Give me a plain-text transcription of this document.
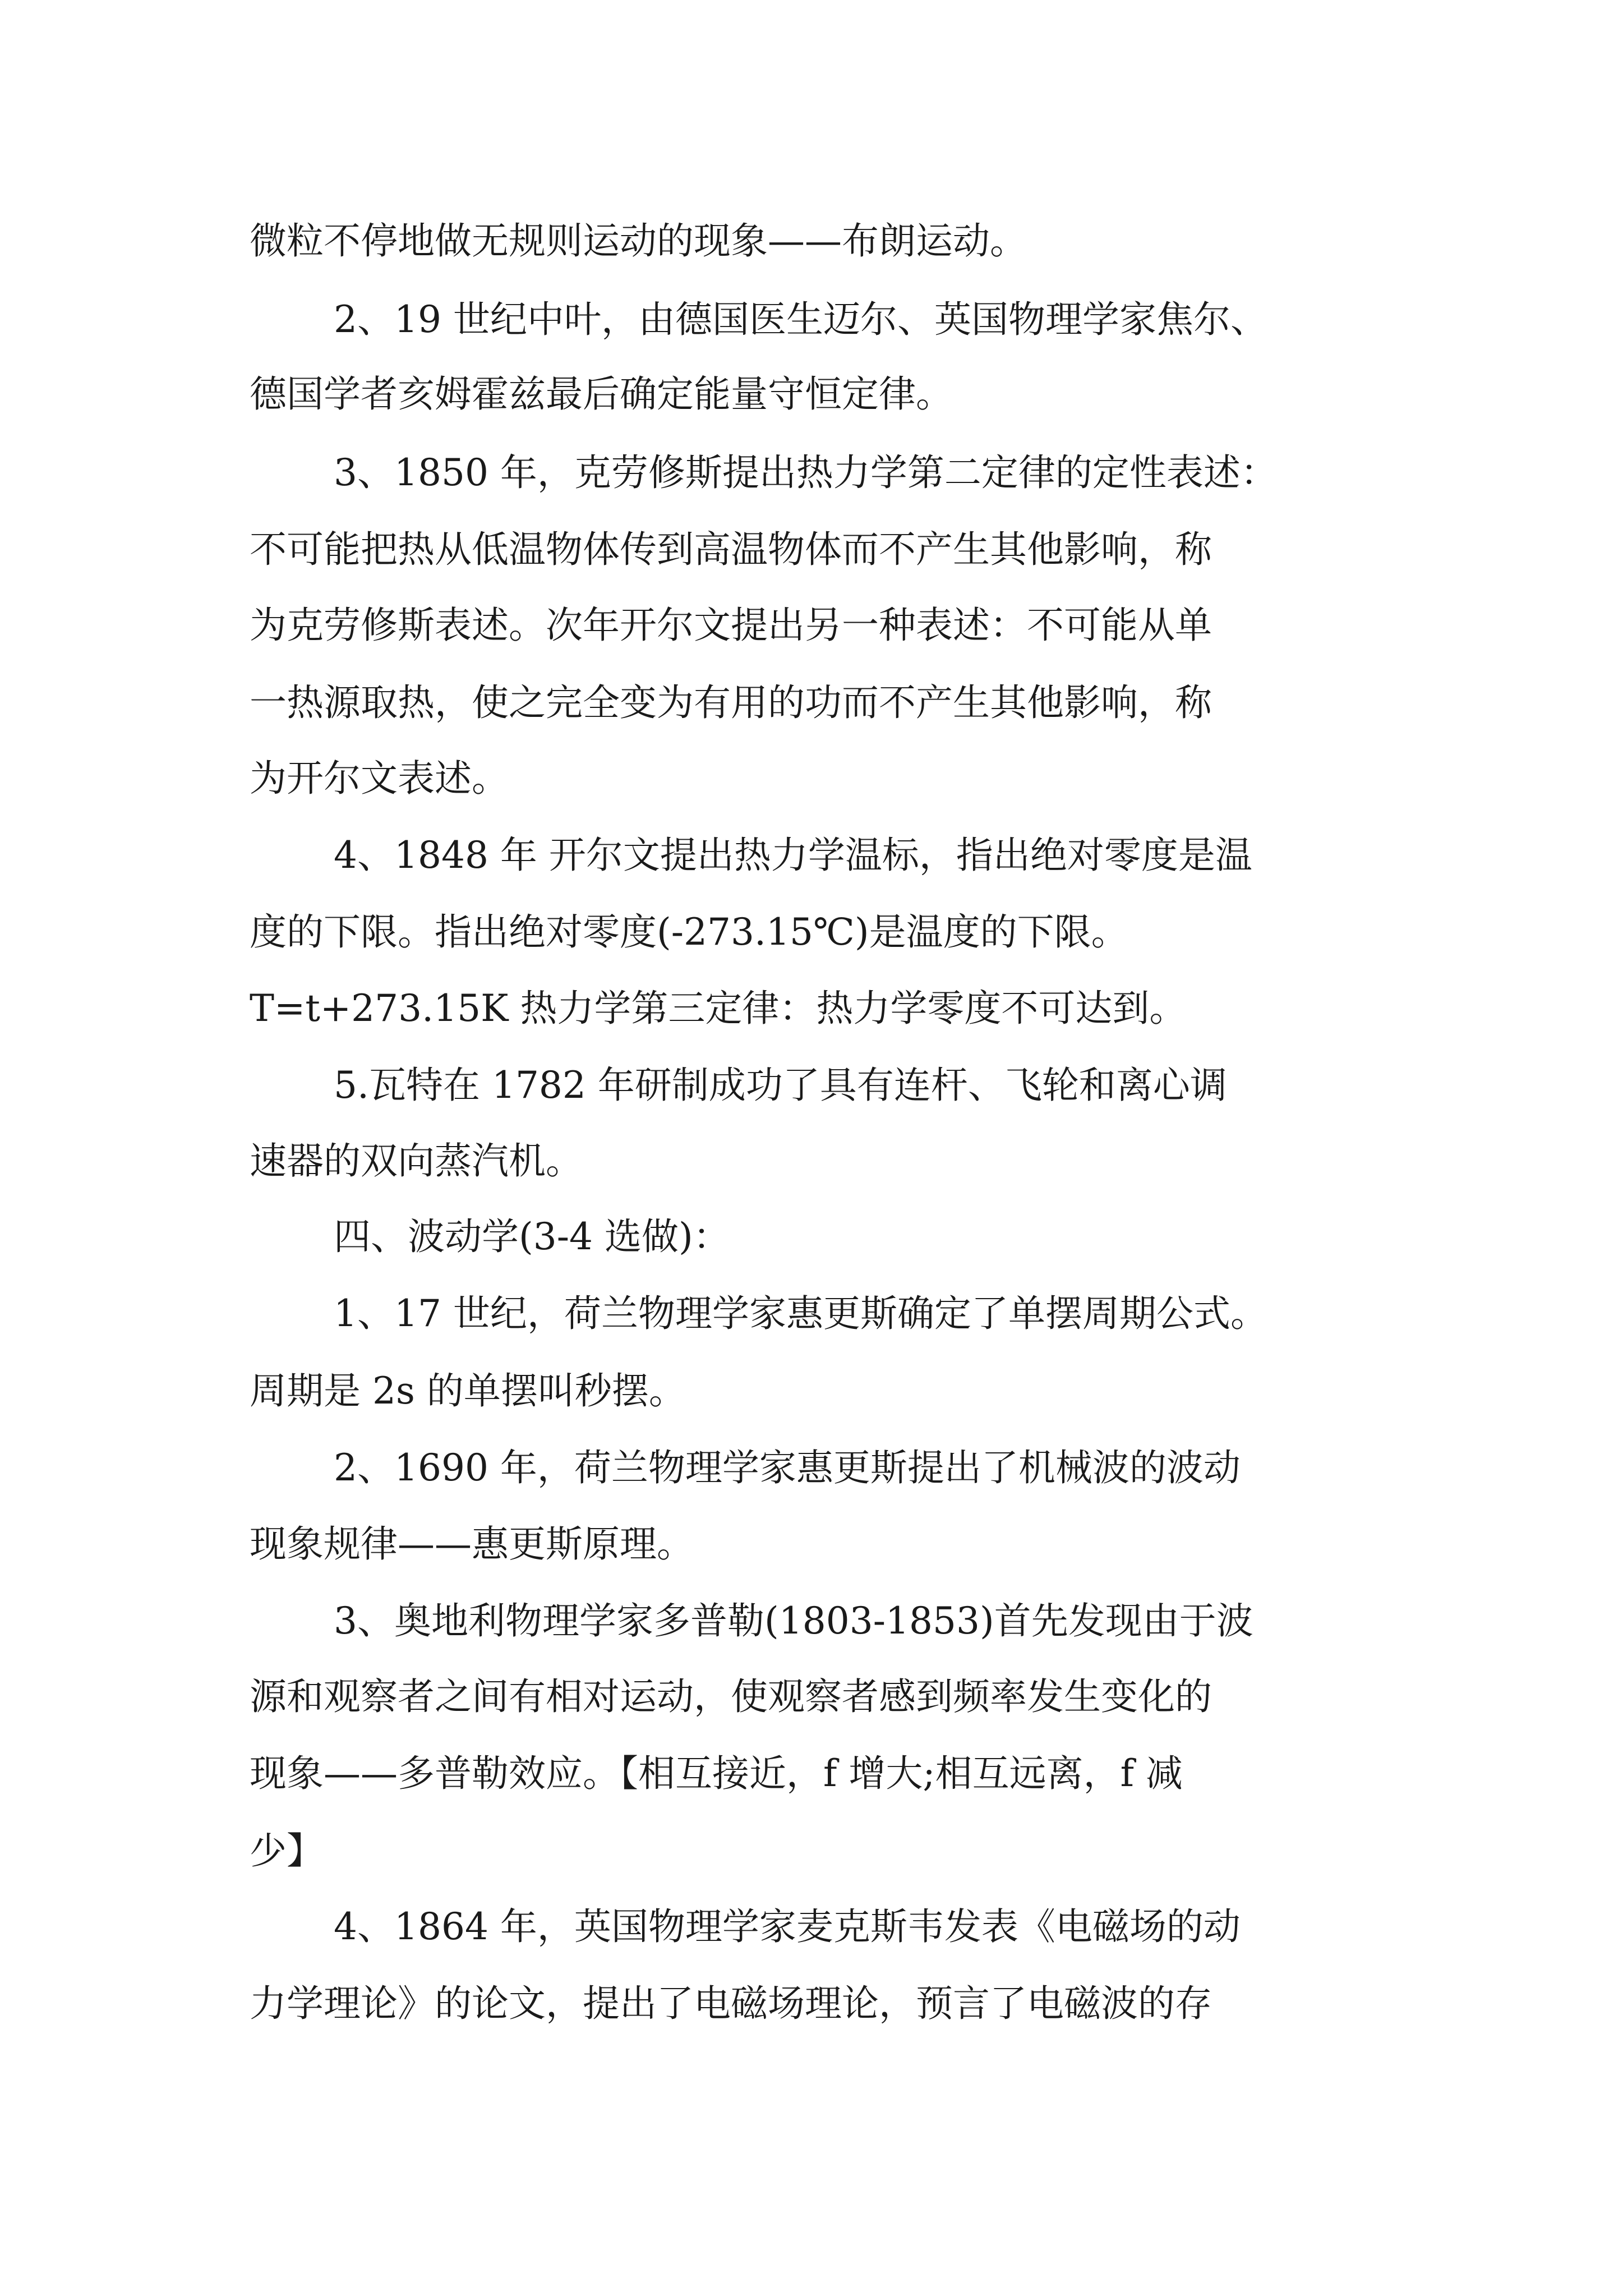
微粒不停地做无规则运动的现象——布朗运动。

2、19 世纪中叶，由德国医生迈尔、英国物理学家焦尔、

德国学者亥姆霍兹最后确定能量守恒定律。

3、1850 年，克劳修斯提出热力学第二定律的定性表述：

不可能把热从低温物体传到高温物体而不产生其他影响，称

为克劳修斯表述。次年开尔文提出另一种表述：不可能从单

一热源取热，使之完全变为有用的功而不产生其他影响，称

为开尔文表述。

4、1848 年 开尔文提出热力学温标，指出绝对零度是温

度的下限。指出绝对零度(-273.15℃)是温度的下限。

T=t+273.15K 热力学第三定律：热力学零度不可达到。

5.瓦特在 1782 年研制成功了具有连杆、飞轮和离心调

速器的双向蒸汽机。

四、波动学(3-4 选做)：

1、17 世纪，荷兰物理学家惠更斯确定了单摆周期公式。

周期是 2s 的单摆叫秒摆。

2、1690 年，荷兰物理学家惠更斯提出了机械波的波动

现象规律——惠更斯原理。

3、奥地利物理学家多普勒(1803-1853)首先发现由于波

源和观察者之间有相对运动，使观察者感到频率发生变化的

现象——多普勒效应。【相互接近，f 增大;相互远离，f 减

少】

4、1864 年，英国物理学家麦克斯韦发表《电磁场的动

力学理论》的论文，提出了电磁场理论，预言了电磁波的存
